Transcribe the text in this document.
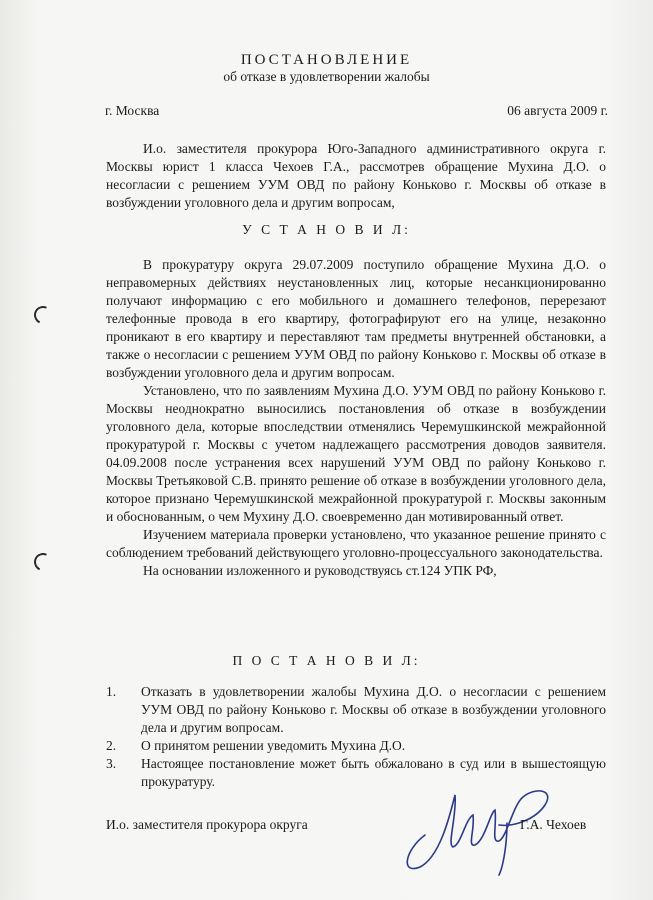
ПОСТАНОВЛЕНИЕ
об отказе в удовлетворении жалобы
г. Москва	06 августа 2009 г.

И.о. заместителя прокурора Юго-Западного административного округа г. Москвы юрист 1 класса Чехоев Г.А., рассмотрев обращение Мухина Д.О. о несогласии с решением УУМ ОВД по району Коньково г. Москвы об отказе в возбуждении уголовного дела и другим вопросам,

У С Т А Н О В И Л:

В прокуратуру округа 29.07.2009 поступило обращение Мухина Д.О. о неправомерных действиях неустановленных лиц, которые несанкционированно получают информацию с его мобильного и домашнего телефонов, перерезают телефонные провода в его квартиру, фотографируют его на улице, незаконно проникают в его квартиру и переставляют там предметы внутренней обстановки, а также о несогласии с решением УУМ ОВД по району Коньково г. Москвы об отказе в возбуждении уголовного дела и другим вопросам.

Установлено, что по заявлениям Мухина Д.О. УУМ ОВД по району Коньково г. Москвы неоднократно выносились постановления об отказе в возбуждении уголовного дела, которые впоследствии отменялись Черемушкинской межрайонной прокуратурой г. Москвы с учетом надлежащего рассмотрения доводов заявителя. 04.09.2008 после устранения всех нарушений УУМ ОВД по району Коньково г. Москвы Третьяковой С.В. принято решение об отказе в возбуждении уголовного дела, которое признано Черемушкинской межрайонной прокуратурой г. Москвы законным и обоснованным, о чем Мухину Д.О. своевременно дан мотивированный ответ.

Изучением материала проверки установлено, что указанное решение принято с соблюдением требований действующего уголовно-процессуального законодательства.

На основании изложенного и руководствуясь ст.124 УПК РФ,

П О С Т А Н О В И Л:
1.	Отказать в удовлетворении жалобы Мухина Д.О. о несогласии с решением УУМ ОВД по району Коньково г. Москвы об отказе в возбуждении уголовного дела и другим вопросам.
2.	О принятом решении уведомить Мухина Д.О.
3.	Настоящее постановление может быть обжаловано в суд или в вышестоящую прокуратуру.
И.о. заместителя прокурора округа	Г.А. Чехоев
